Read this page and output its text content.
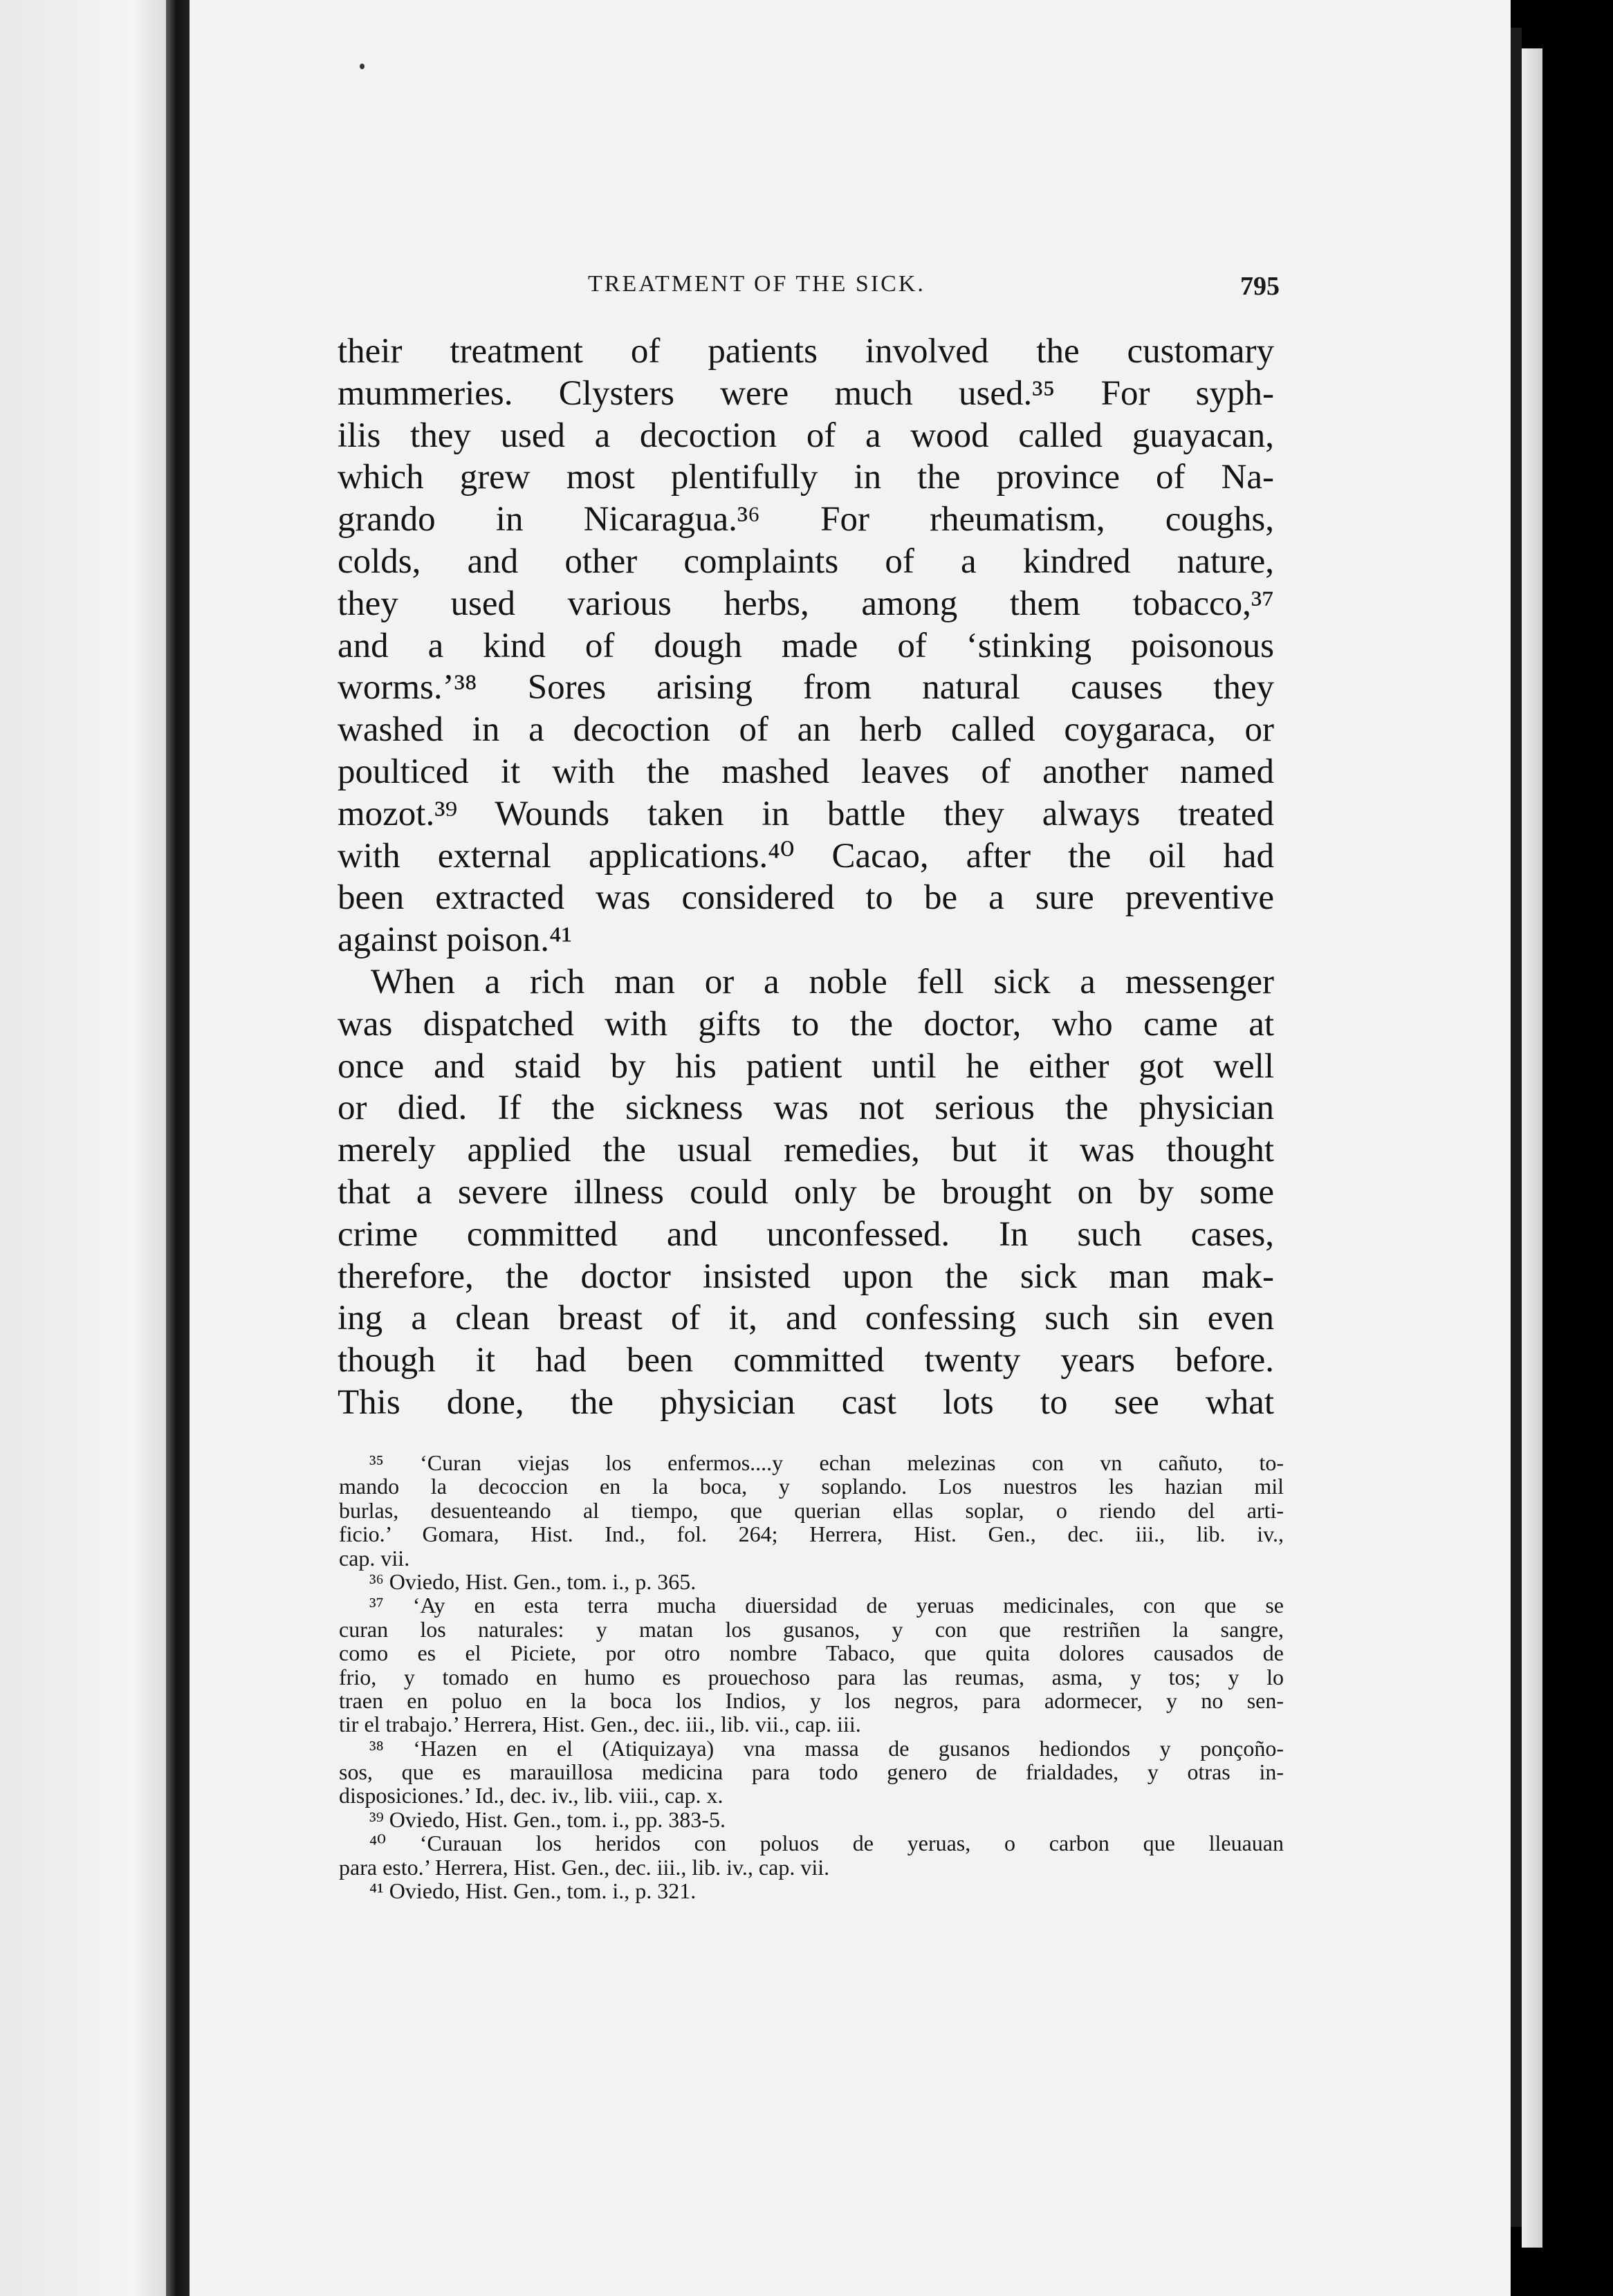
TREATMENT OF THE SICK.	795
their treatment of patients involved the customary
mummeries. Clysters were much used.³⁵ For syph-
ilis they used a decoction of a wood called guayacan,
which grew most plentifully in the province of Na-
grando in Nicaragua.³⁶ For rheumatism, coughs,
colds, and other complaints of a kindred nature,
they used various herbs, among them tobacco,³⁷
and a kind of dough made of ‘stinking poisonous
worms.’³⁸ Sores arising from natural causes they
washed in a decoction of an herb called coygaraca, or
poulticed it with the mashed leaves of another named
mozot.³⁹ Wounds taken in battle they always treated
with external applications.⁴⁰ Cacao, after the oil had
been extracted was considered to be a sure preventive
against poison.⁴¹
When a rich man or a noble fell sick a messenger
was dispatched with gifts to the doctor, who came at
once and staid by his patient until he either got well
or died. If the sickness was not serious the physician
merely applied the usual remedies, but it was thought
that a severe illness could only be brought on by some
crime committed and unconfessed. In such cases,
therefore, the doctor insisted upon the sick man mak-
ing a clean breast of it, and confessing such sin even
though it had been committed twenty years before.
This done, the physician cast lots to see what
³⁵ ‘Curan viejas los enfermos....y echan melezinas con vn cañuto, to-
mando la decoccion en la boca, y soplando. Los nuestros les hazian mil
burlas, desuenteando al tiempo, que querian ellas soplar, o riendo del arti-
ficio.’ Gomara, Hist. Ind., fol. 264; Herrera, Hist. Gen., dec. iii., lib. iv.,
cap. vii.
³⁶ Oviedo, Hist. Gen., tom. i., p. 365.
³⁷ ‘Ay en esta terra mucha diuersidad de yeruas medicinales, con que se
curan los naturales: y matan los gusanos, y con que restriñen la sangre,
como es el Piciete, por otro nombre Tabaco, que quita dolores causados de
frio, y tomado en humo es prouechoso para las reumas, asma, y tos; y lo
traen en poluo en la boca los Indios, y los negros, para adormecer, y no sen-
tir el trabajo.’ Herrera, Hist. Gen., dec. iii., lib. vii., cap. iii.
³⁸ ‘Hazen en el (Atiquizaya) vna massa de gusanos hediondos y ponçoño-
sos, que es marauillosa medicina para todo genero de frialdades, y otras in-
disposiciones.’ Id., dec. iv., lib. viii., cap. x.
³⁹ Oviedo, Hist. Gen., tom. i., pp. 383-5.
⁴⁰ ‘Curauan los heridos con poluos de yeruas, o carbon que lleuauan
para esto.’ Herrera, Hist. Gen., dec. iii., lib. iv., cap. vii.
⁴¹ Oviedo, Hist. Gen., tom. i., p. 321.
